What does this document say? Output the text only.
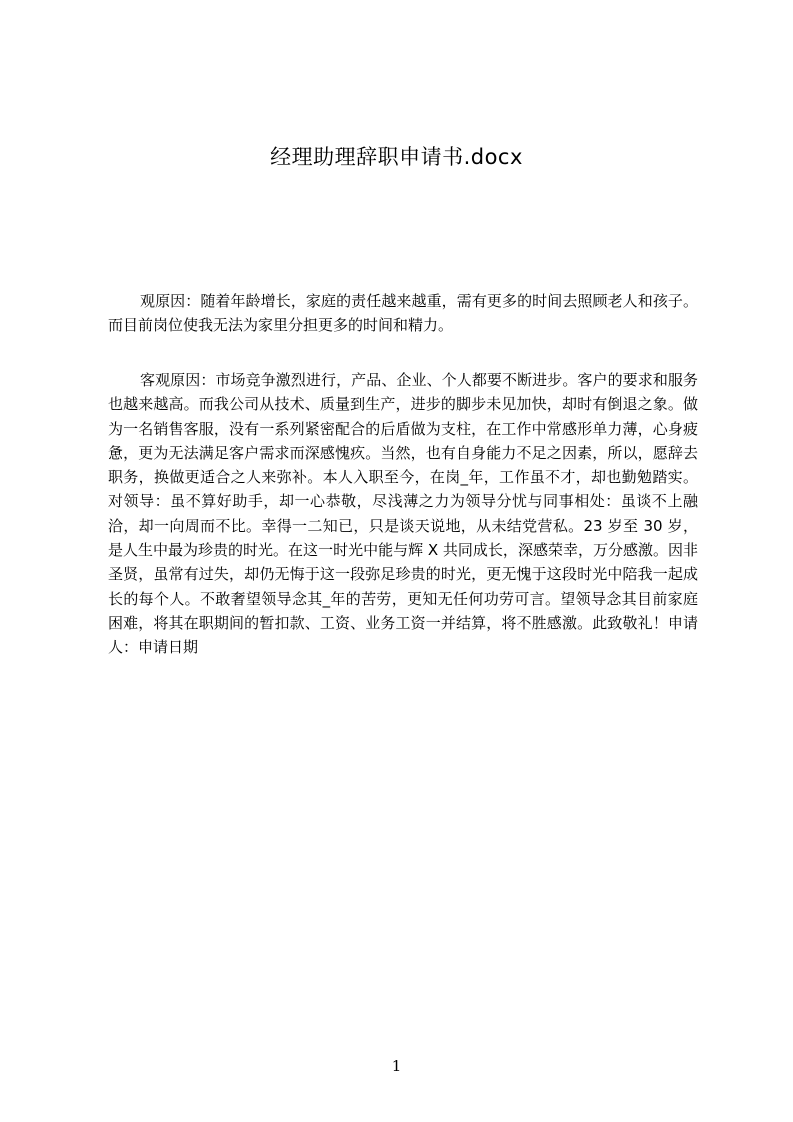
经理助理辞职申请书.docx

观原因：随着年龄增长，家庭的责任越来越重，需有更多的时间去照顾老人和孩子。而目前岗位使我无法为家里分担更多的时间和精力。

客观原因：市场竞争激烈进行，产品、企业、个人都要不断进步。客户的要求和服务也越来越高。而我公司从技术、质量到生产，进步的脚步未见加快，却时有倒退之象。做为一名销售客服，没有一系列紧密配合的后盾做为支柱，在工作中常感形单力薄，心身疲惫，更为无法满足客户需求而深感愧疚。当然，也有自身能力不足之因素，所以，愿辞去职务，换做更适合之人来弥补。本人入职至今，在岗_年，工作虽不才，却也勤勉踏实。对领导：虽不算好助手，却一心恭敬，尽浅薄之力为领导分忧与同事相处：虽谈不上融洽，却一向周而不比。幸得一二知已，只是谈天说地，从未结党营私。23 岁至 30 岁，是人生中最为珍贵的时光。在这一时光中能与辉 X 共同成长，深感荣幸，万分感激。因非圣贤，虽常有过失，却仍无悔于这一段弥足珍贵的时光，更无愧于这段时光中陪我一起成长的每个人。不敢奢望领导念其_年的苦劳，更知无任何功劳可言。望领导念其目前家庭困难，将其在职期间的暂扣款、工资、业务工资一并结算，将不胜感激。此致敬礼！申请人：申请日期

1
